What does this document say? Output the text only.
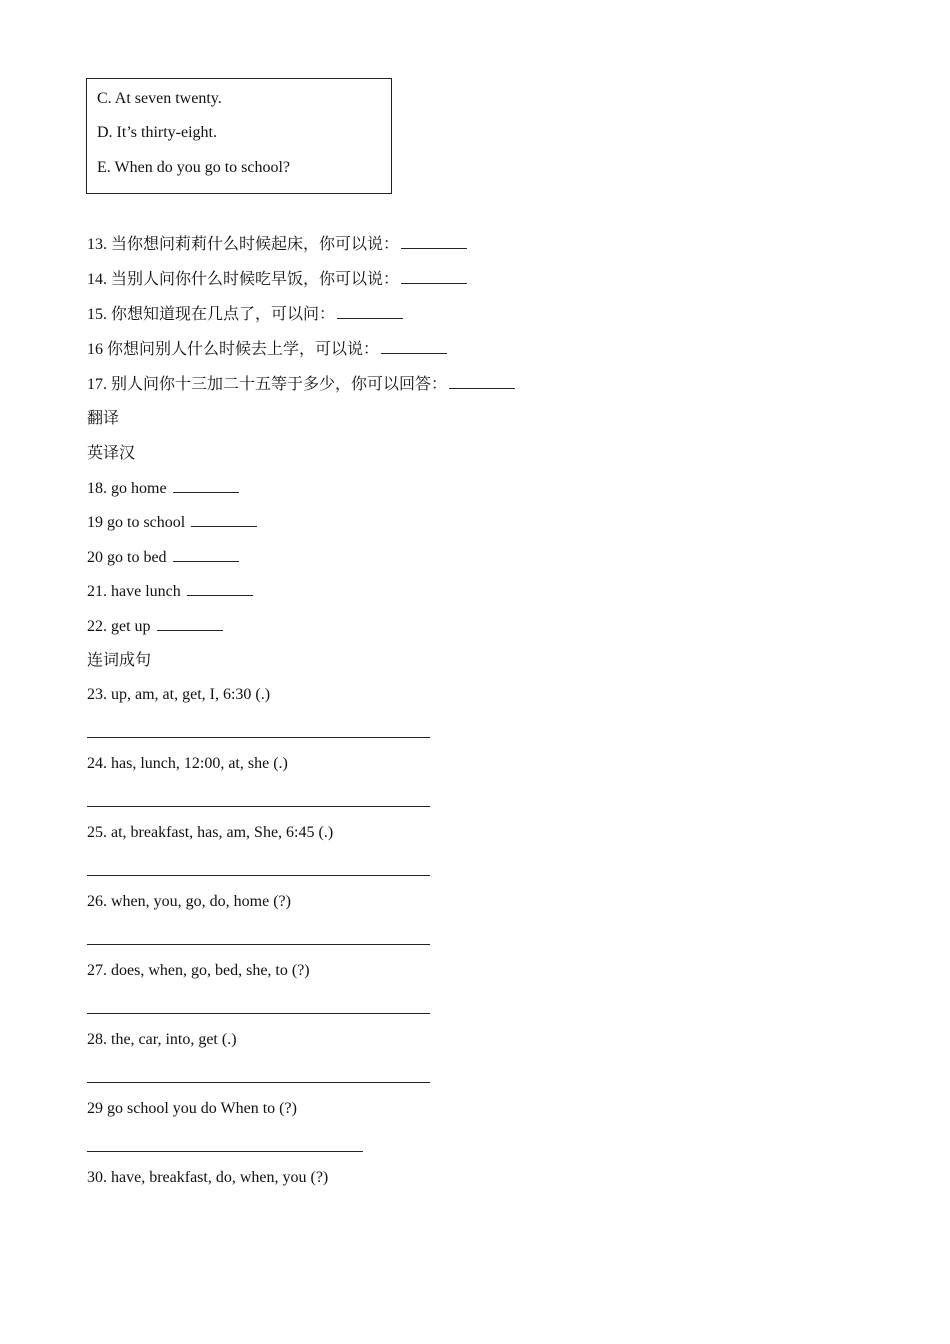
C. At seven twenty.
D. It’s thirty-eight.
E. When do you go to school?
13. 当你想问莉莉什么时候起床，你可以说：
14. 当别人问你什么时候吃早饭，你可以说：
15. 你想知道现在几点了，可以问：
16 你想问别人什么时候去上学，可以说：
17. 别人问你十三加二十五等于多少，你可以回答：
翻译
英译汉
18. go home
19 go to school
20 go to bed
21. have lunch
22. get up
连词成句
23. up, am, at, get, I, 6:30 (.)
24. has, lunch, 12:00, at, she (.)
25. at, breakfast, has, am, She, 6:45 (.)
26. when, you, go, do, home (?)
27. does, when, go, bed, she, to (?)
28. the, car, into, get (.)
29 go school you do When to (?)
30. have, breakfast, do, when, you (?)
